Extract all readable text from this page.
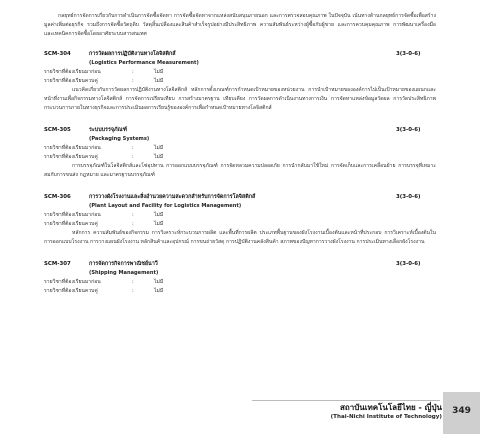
กลยุทธ์การจัดการเกี่ยวกับการดำเนินการจัดซื้อจัดหา การจัดซื้อจัดหาจากแหล่งสนับสนุนภายนอก และการตรวจสอบคุณภาพ ในปัจจุบัน เน้นทางด้านกลยุทธ์การจัดซื้อเพื่อสร้างมูลค่าเพิ่มต่อธุรกิจ รวมถึงการจัดซื้อวัตถุดิบ วัสดุสิ้นเปลืองและสินค้าสำเร็จรูปอย่างมีประสิทธิภาพ ความสัมพันธ์ระหว่างผู้ซื้อกับผู้ขาย และการควบคุมคุณภาพ การพัฒนาเครื่องมือ และเทคนิคการจัดซื้อโดยอาศัยระบบสารสนเทศ

SCM-304	การวัดผลการปฏิบัติงานทางโลจิสติกส์	3(3-0-6)
(Logistics Performance Measurement)
รายวิชาที่ต้องเรียนมาก่อน	:	ไม่มี
รายวิชาที่ต้องเรียนควบคู่	:	ไม่มี

แนวคิดเกี่ยวกับการวัดผลการปฏิบัติงานทางโลจิสติกส์ หลักการตั้งเกณฑ์การกำหนดเป้าหมายของหน่วยงาน การนำเป้าหมายขององค์การไปเป็นเป้าหมายของแผนกและหน้าที่งานเพื่อกิจกรรมทางโลจิสติกส์ การจัดการเปรียบเทียบ การสร้างมาตรฐาน เทียบเคียง การวัดผลการดำเนินงานทางการเงิน การจัดหาแหล่งข้อมูลวัดผล การวัดประสิทธิภาพ กระบวนการภายในทางธุรกิจและการประเมินผลการเรียนรู้ขององค์การเพื่อกำหนดเป้าหมายทางโลจิสติกส์

SCM-305	ระบบบรรจุภัณฑ์	3(3-0-6)
(Packaging Systems)
รายวิชาที่ต้องเรียนมาก่อน	:	ไม่มี
รายวิชาที่ต้องเรียนควบคู่	:	ไม่มี

การบรรจุภัณฑ์ในโลจิสติกส์และโซ่อุปทาน การออกแบบบรรจุภัณฑ์ การจัดหลวมความปลอดภัย การนำกลับมาใช้ใหม่ การจัดเก็บและการเคลื่อนย้าย การบรรจุที่เหมาะสมกับการขนส่ง กฎหมาย และมาตรฐานบรรจุภัณฑ์

SCM-306	การวางผังโรงงานและสิ่งอำนวยความสะดวกสำหรับการจัดการโลจิสติกส์	3(3-0-6)
(Plant Layout and Facility for Logistics Management)
รายวิชาที่ต้องเรียนมาก่อน	:	ไม่มี
รายวิชาที่ต้องเรียนควบคู่	:	ไม่มี

หลักการ ความสัมพันธ์ของกิจกรรม การวิเคราะห์กระบวนการผลิต และพื้นที่การผลิต ประเภทพื้นฐานของผังโรงงานเบื้องต้นและหน้าที่ประกอบ การวิเคราะห์เบื้องต้นในการออกแบบโรงงาน การวางแผนผังโรงงาน หลักสินค้าและอุปกรณ์ การขนถ่ายวัสดุ การปฏิบัติงานคลังสินค้า สภาพของปัญหาการวางผังโรงงาน การประเมินทางเลือกผังโรงงาน

SCM-307	การจัดการกิจการพาณิชย์นาวี	3(3-0-6)
(Shipping Management)
รายวิชาที่ต้องเรียนมาก่อน	:	ไม่มี
รายวิชาที่ต้องเรียนควบคู่	:	ไม่มี
สถาบันเทคโนโลยีไทย - ญี่ปุ่น
(Thai-Nichi Institute of Technology)
349
